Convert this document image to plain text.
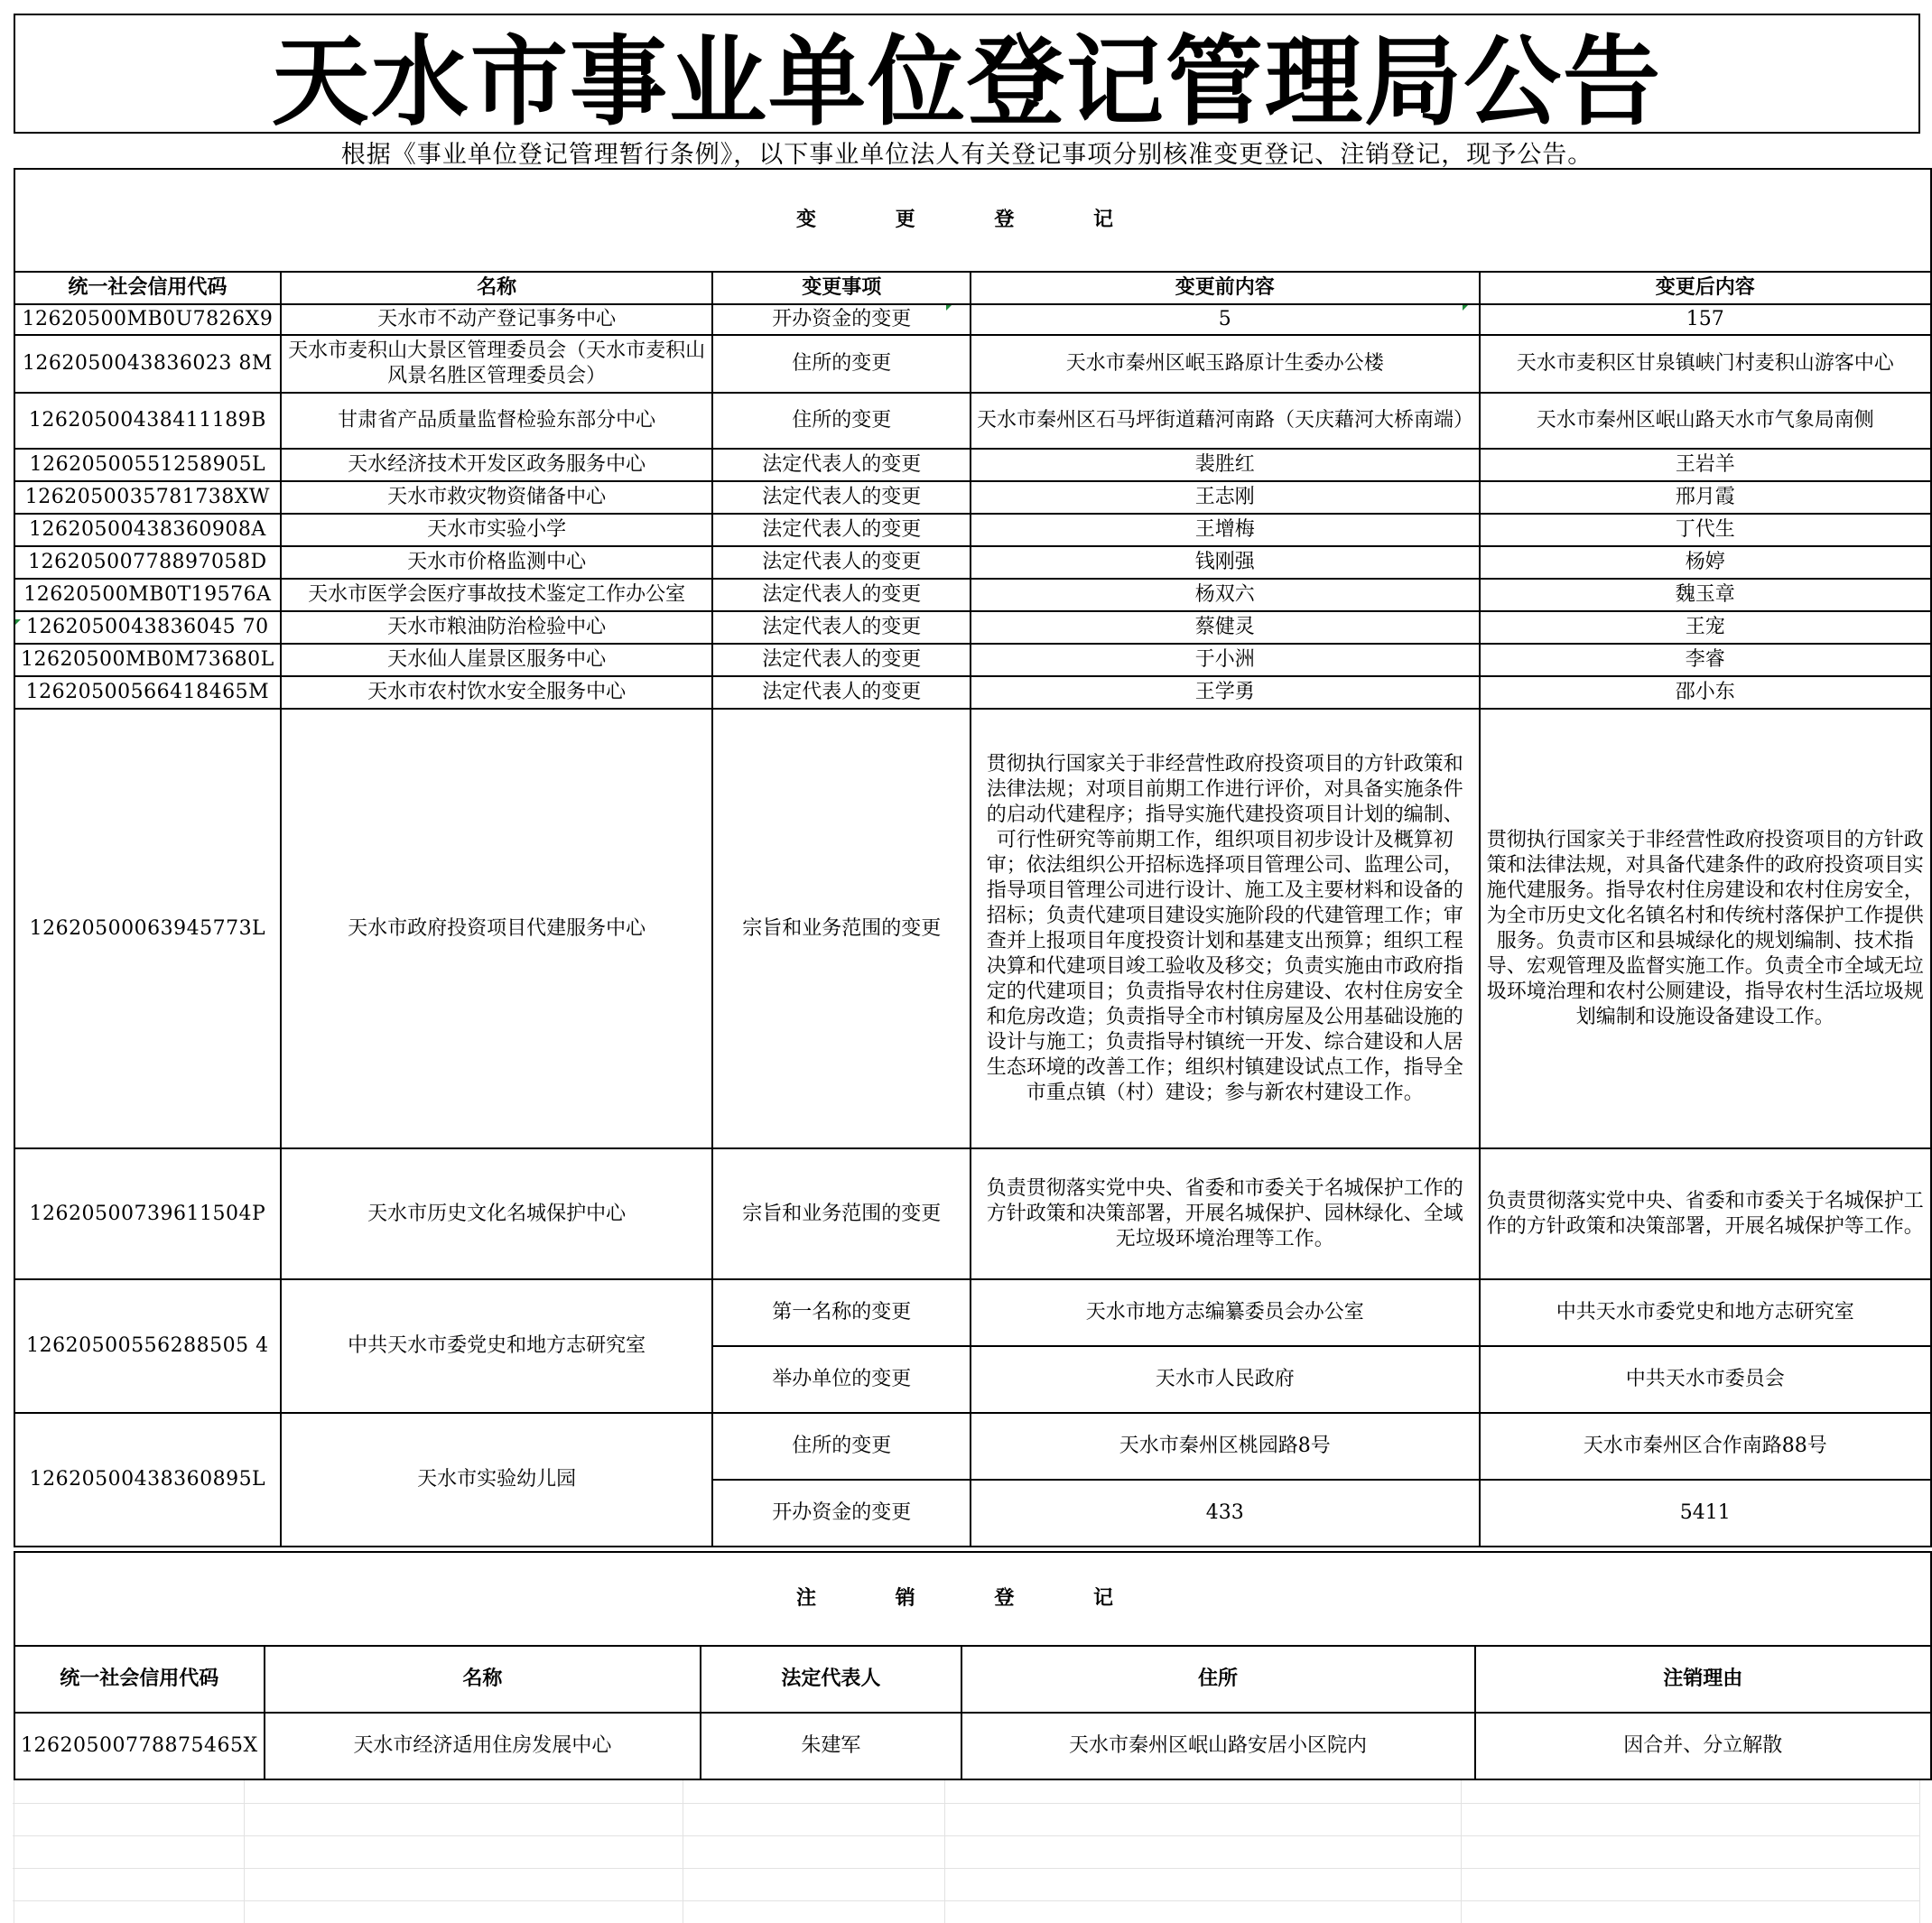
天水市事业单位登记管理局公告
根据《事业单位登记管理暂行条例》，以下事业单位法人有关登记事项分别核准变更登记、注销登记，现予公告。
变 更 登 记				
统一社会信用代码	名称	变更事项	变更前内容	变更后内容
12620500MB0U7826X9	天水市不动产登记事务中心	开办资金的变更	5	157
1262050043836023 8M	天水市麦积山大景区管理委员会（天水市麦积山风景名胜区管理委员会）	住所的变更	天水市秦州区岷玉路原计生委办公楼	天水市麦积区甘泉镇峡门村麦积山游客中心
12620500438411189B	甘肃省产品质量监督检验东部分中心	住所的变更	天水市秦州区石马坪街道藉河南路（天庆藉河大桥南端）	天水市秦州区岷山路天水市气象局南侧
12620500551258905L	天水经济技术开发区政务服务中心	法定代表人的变更	裴胜红	王岩羊
1262050035781738XW	天水市救灾物资储备中心	法定代表人的变更	王志刚	邢月霞
12620500438360908A	天水市实验小学	法定代表人的变更	王增梅	丁代生
12620500778897058D	天水市价格监测中心	法定代表人的变更	钱刚强	杨婷
12620500MB0T19576A	天水市医学会医疗事故技术鉴定工作办公室	法定代表人的变更	杨双六	魏玉章
1262050043836045 70	天水市粮油防治检验中心	法定代表人的变更	蔡健灵	王宠
12620500MB0M73680L	天水仙人崖景区服务中心	法定代表人的变更	于小洲	李睿
12620500566418465M	天水市农村饮水安全服务中心	法定代表人的变更	王学勇	邵小东
12620500063945773L	天水市政府投资项目代建服务中心	宗旨和业务范围的变更	贯彻执行国家关于非经营性政府投资项目的方针政策和法律法规；对项目前期工作进行评价，对具备实施条件的启动代建程序；指导实施代建投资项目计划的编制、可行性研究等前期工作，组织项目初步设计及概算初审；依法组织公开招标选择项目管理公司、监理公司，指导项目管理公司进行设计、施工及主要材料和设备的招标；负责代建项目建设实施阶段的代建管理工作；审查并上报项目年度投资计划和基建支出预算；组织工程决算和代建项目竣工验收及移交；负责实施由市政府指定的代建项目；负责指导农村住房建设、农村住房安全和危房改造；负责指导全市村镇房屋及公用基础设施的设计与施工；负责指导村镇统一开发、综合建设和人居生态环境的改善工作；组织村镇建设试点工作，指导全市重点镇（村）建设；参与新农村建设工作。	贯彻执行国家关于非经营性政府投资项目的方针政策和法律法规，对具备代建条件的政府投资项目实施代建服务。指导农村住房建设和农村住房安全，为全市历史文化名镇名村和传统村落保护工作提供服务。负责市区和县城绿化的规划编制、技术指导、宏观管理及监督实施工作。负责全市全域无垃圾环境治理和农村公厕建设，指导农村生活垃圾规划编制和设施设备建设工作。
12620500739611504P	天水市历史文化名城保护中心	宗旨和业务范围的变更	负责贯彻落实党中央、省委和市委关于名城保护工作的方针政策和决策部署，开展名城保护、园林绿化、全域无垃圾环境治理等工作。	负责贯彻落实党中央、省委和市委关于名城保护工作的方针政策和决策部署，开展名城保护等工作。
12620500556288505 4	中共天水市委党史和地方志研究室	第一名称的变更	天水市地方志编纂委员会办公室	中共天水市委党史和地方志研究室
		举办单位的变更	天水市人民政府	中共天水市委员会
12620500438360895L	天水市实验幼儿园	住所的变更	天水市秦州区桃园路8号	天水市秦州区合作南路88号
		开办资金的变更	433	5411
注 销 登 记				
统一社会信用代码	名称	法定代表人	住所	注销理由
12620500778875465X	天水市经济适用住房发展中心	朱建军	天水市秦州区岷山路安居小区院内	因合并、分立解散
